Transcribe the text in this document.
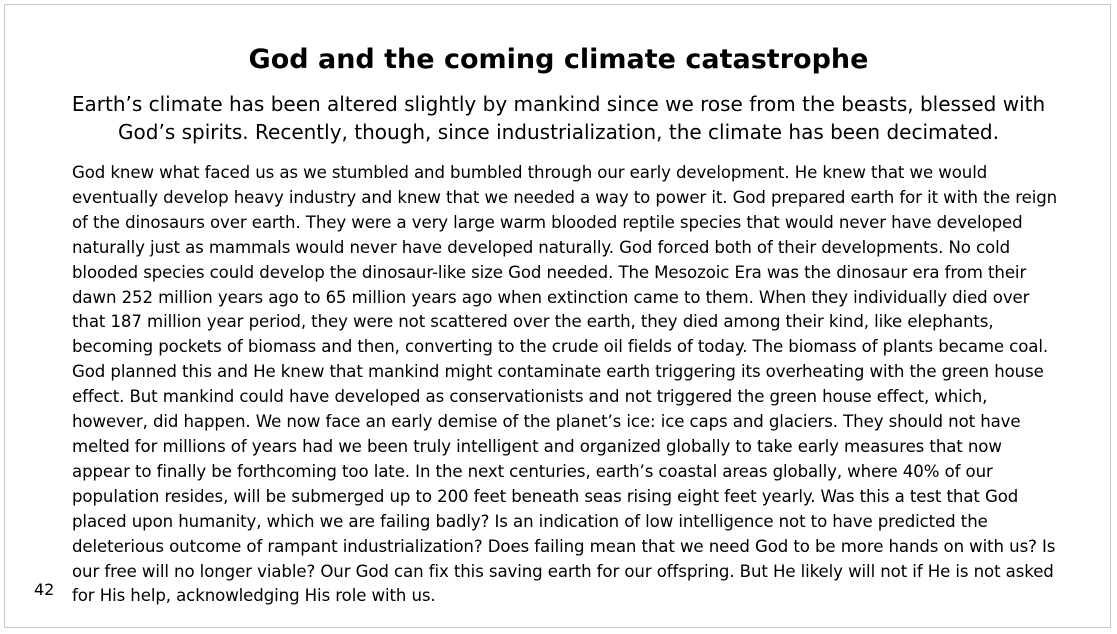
God and the coming climate catastrophe
Earth’s climate has been altered slightly by mankind since we rose from the beasts, blessed with God’s spirits. Recently, though, since industrialization, the climate has been decimated.
God knew what faced us as we stumbled and bumbled through our early development. He knew that we would eventually develop heavy industry and knew that we needed a way to power it. God prepared earth for it with the reign of the dinosaurs over earth. They were a very large warm blooded reptile species that would never have developed naturally just as mammals would never have developed naturally. God forced both of their developments. No cold blooded species could develop the dinosaur-like size God needed. The Mesozoic Era was the dinosaur era from their dawn 252 million years ago to 65 million years ago when extinction came to them. When they individually died over that 187 million year period, they were not scattered over the earth, they died among their kind, like elephants, becoming pockets of biomass and then, converting to the crude oil fields of today. The biomass of plants became coal. God planned this and He knew that mankind might contaminate earth triggering its overheating with the green house effect. But mankind could have developed as conservationists and not triggered the green house effect, which, however, did happen. We now face an early demise of the planet’s ice: ice caps and glaciers. They should not have melted for millions of years had we been truly intelligent and organized globally to take early measures that now appear to finally be forthcoming too late. In the next centuries, earth’s coastal areas globally, where 40% of our population resides, will be submerged up to 200 feet beneath seas rising eight feet yearly. Was this a test that God placed upon humanity, which we are failing badly? Is an indication of low intelligence not to have predicted the deleterious outcome of rampant industrialization? Does failing mean that we need God to be more hands on with us? Is our free will no longer viable? Our God can fix this saving earth for our offspring. But He likely will not if He is not asked for His help, acknowledging His role with us.
42
